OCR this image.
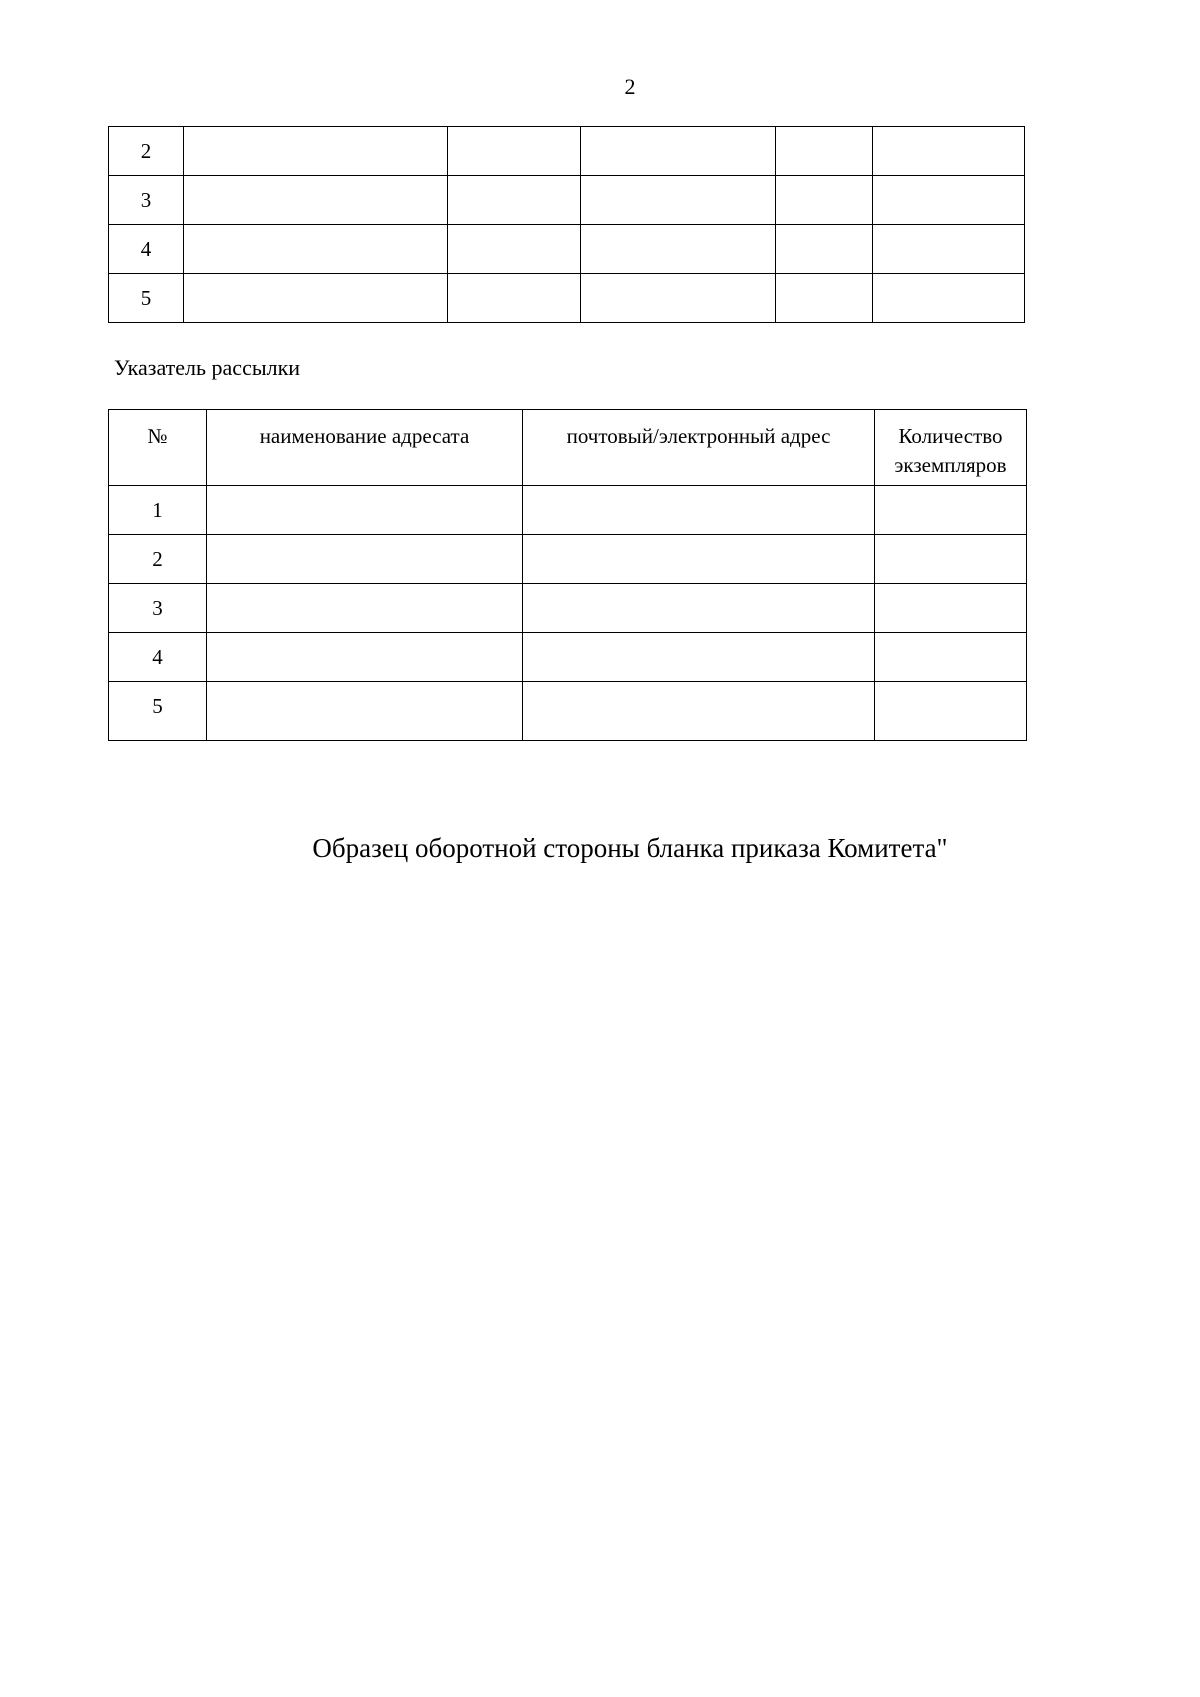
2
2					
3					
4					
5					
Указатель рассылки
№	наименование адресата	почтовый/электронный адрес	Количество экземпляров
1			
2			
3			
4			
5			
Образец оборотной стороны бланка приказа Комитета"
